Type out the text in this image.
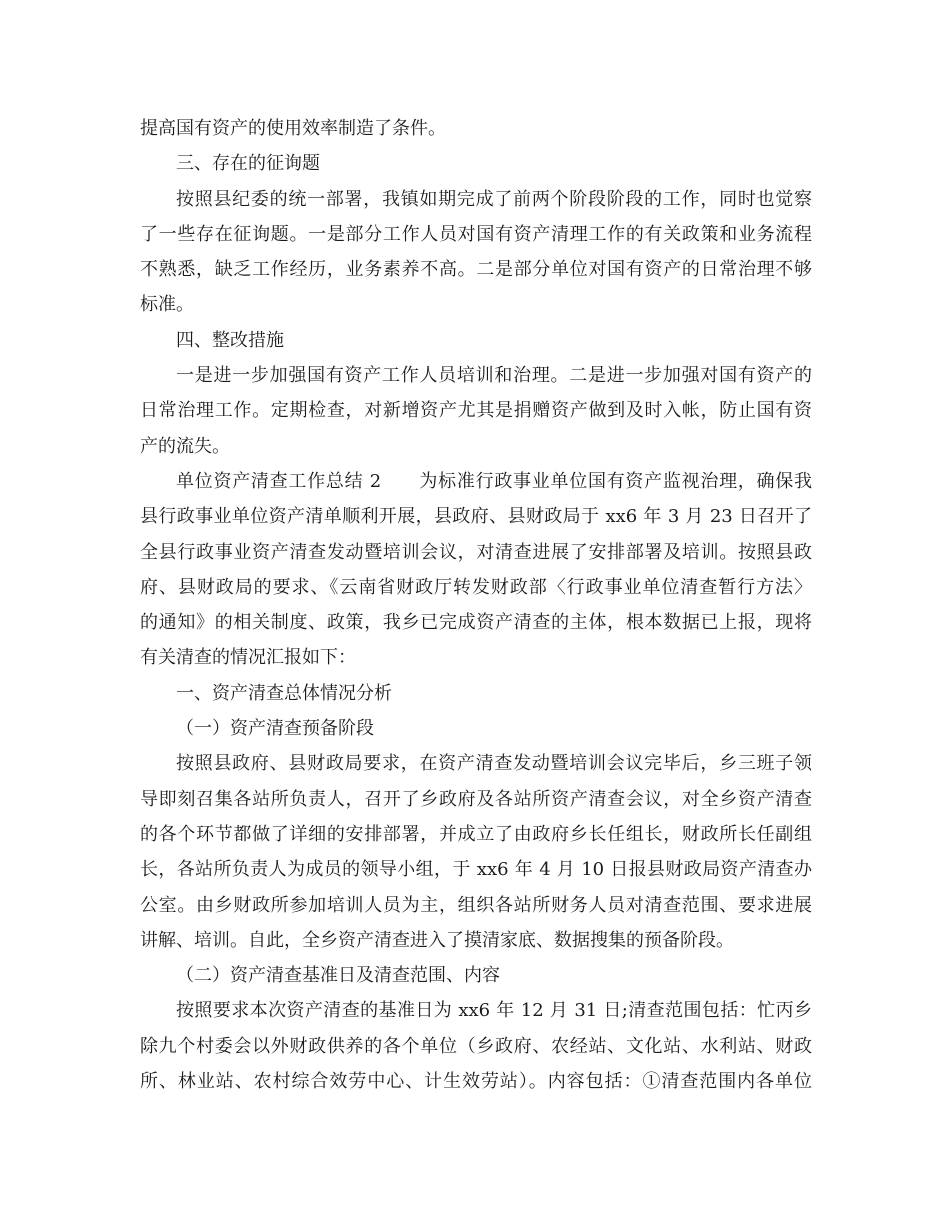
提高国有资产的使用效率制造了条件。
三、存在的征询题
按照县纪委的统一部署，我镇如期完成了前两个阶段阶段的工作，同时也觉察
了一些存在征询题。一是部分工作人员对国有资产清理工作的有关政策和业务流程
不熟悉，缺乏工作经历，业务素养不高。二是部分单位对国有资产的日常治理不够
标准。
四、整改措施
一是进一步加强国有资产工作人员培训和治理。二是进一步加强对国有资产的
日常治理工作。定期检查，对新增资产尤其是捐赠资产做到及时入帐，防止国有资
产的流失。
单位资产清查工作总结 2　　为标准行政事业单位国有资产监视治理，确保我
县行政事业单位资产清单顺利开展，县政府、县财政局于 xx6 年 3 月 23 日召开了
全县行政事业资产清查发动暨培训会议，对清查进展了安排部署及培训。按照县政
府、县财政局的要求、《云南省财政厅转发财政部〈行政事业单位清查暂行方法〉
的通知》的相关制度、政策，我乡已完成资产清查的主体，根本数据已上报，现将
有关清查的情况汇报如下：
一、资产清查总体情况分析
（一）资产清查预备阶段
按照县政府、县财政局要求，在资产清查发动暨培训会议完毕后，乡三班子领
导即刻召集各站所负责人，召开了乡政府及各站所资产清查会议，对全乡资产清查
的各个环节都做了详细的安排部署，并成立了由政府乡长任组长，财政所长任副组
长，各站所负责人为成员的领导小组，于 xx6 年 4 月 10 日报县财政局资产清查办
公室。由乡财政所参加培训人员为主，组织各站所财务人员对清查范围、要求进展
讲解、培训。自此，全乡资产清查进入了摸清家底、数据搜集的预备阶段。
（二）资产清查基准日及清查范围、内容
按照要求本次资产清查的基准日为 xx6 年 12 月 31 日;清查范围包括：忙丙乡
除九个村委会以外财政供养的各个单位（乡政府、农经站、文化站、水利站、财政
所、林业站、农村综合效劳中心、计生效劳站）。内容包括：①清查范围内各单位
